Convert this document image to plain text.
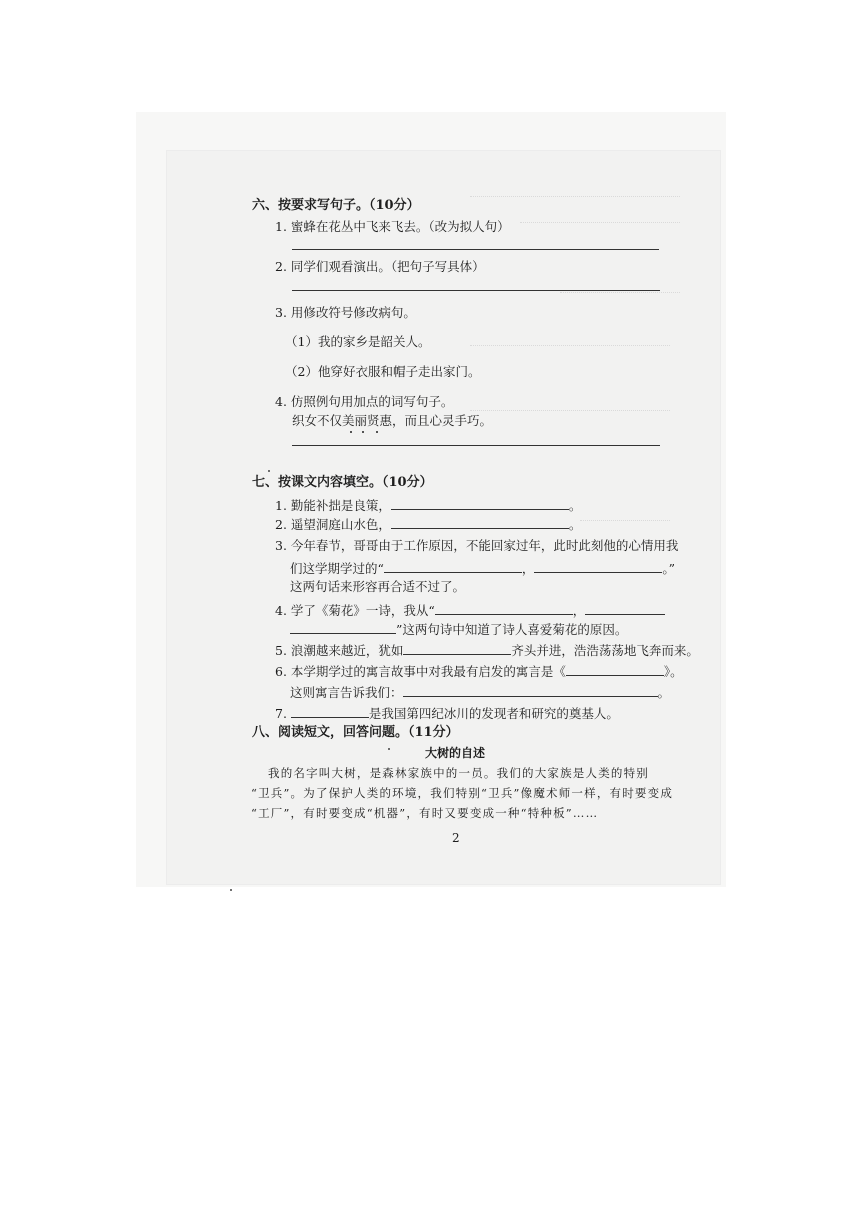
六、按要求写句子。（10分）
1. 蜜蜂在花丛中飞来飞去。（改为拟人句）
2. 同学们观看演出。（把句子写具体）
3. 用修改符号修改病句。
（1）我的家乡是韶关人。
（2）他穿好衣服和帽子走出家门。
4. 仿照例句用加点的词写句子。
织女不仅美丽贤惠，而且心灵手巧。
七、按课文内容填空。（10分）
1. 勤能补拙是良策，	。
2. 遥望洞庭山水色，	。
3. 今年春节，哥哥由于工作原因，不能回家过年，此时此刻他的心情用我
们这学期学过的“	，	。”
这两句话来形容再合适不过了。
4. 学了《菊花》一诗，我从“	，
”这两句诗中知道了诗人喜爱菊花的原因。
5. 浪潮越来越近，犹如	齐头并进，浩浩荡荡地飞奔而来。
6. 本学期学过的寓言故事中对我最有启发的寓言是《	》。
这则寓言告诉我们：	。
7.	是我国第四纪冰川的发现者和研究的奠基人。
八、阅读短文，回答问题。（11分）
大树的自述
我的名字叫大树，是森林家族中的一员。我们的大家族是人类的特别
“卫兵”。为了保护人类的环境，我们特别“卫兵”像魔术师一样，有时要变成
“工厂”，有时要变成“机器”，有时又要变成一种“特种板”……
2
